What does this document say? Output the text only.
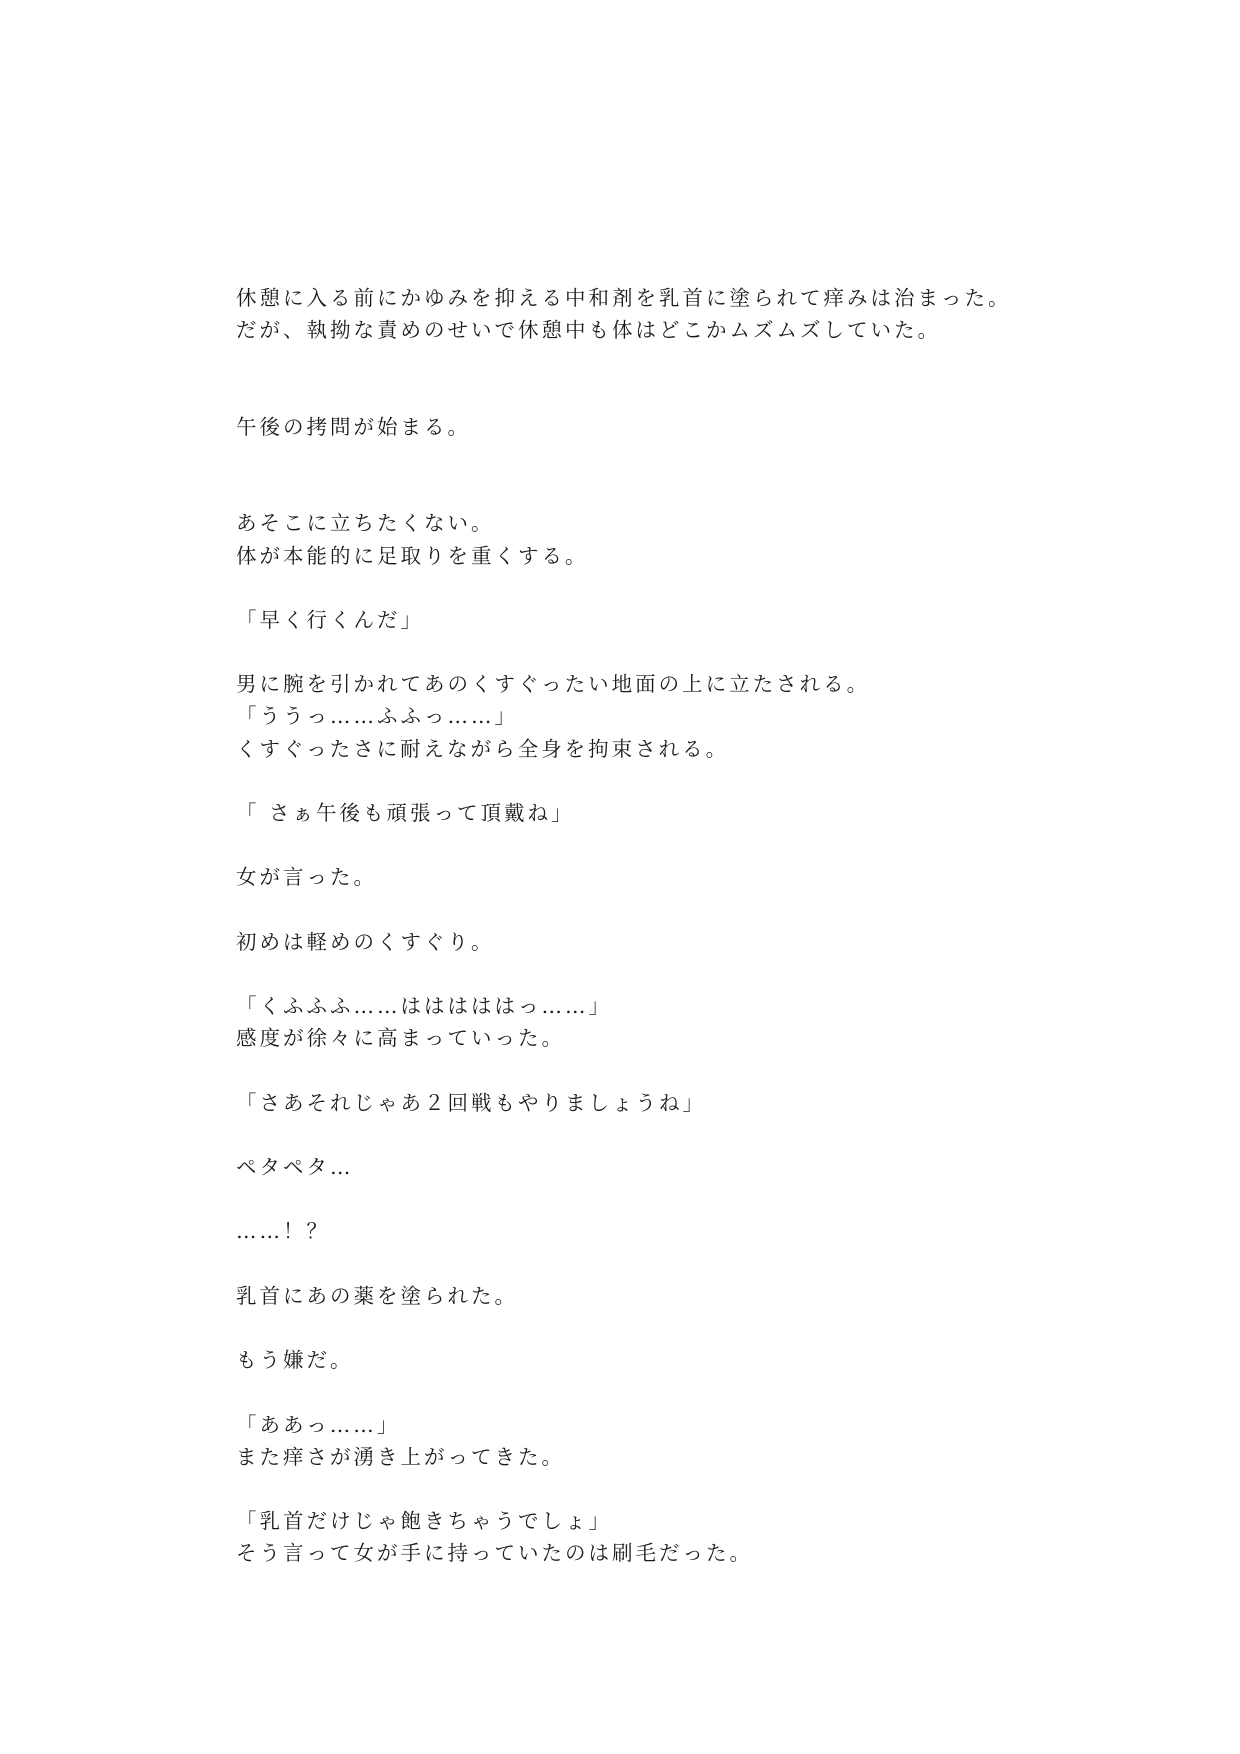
休憩に入る前にかゆみを抑える中和剤を乳首に塗られて痒みは治まった。
だが、執拗な責めのせいで休憩中も体はどこかムズムズしていた。
午後の拷問が始まる。
あそこに立ちたくない。
体が本能的に足取りを重くする。
「早く行くんだ」
男に腕を引かれてあのくすぐったい地面の上に立たされる。
「ううっ……ふふっ……」
くすぐったさに耐えながら全身を拘束される。
「 さぁ午後も頑張って頂戴ね」
女が言った。
初めは軽めのくすぐり。
「くふふふ……はははははっ……」
感度が徐々に高まっていった。
「さあそれじゃあ２回戦もやりましょうね」
ペタペタ…
……！？
乳首にあの薬を塗られた。
もう嫌だ。
「ああっ……」
また痒さが湧き上がってきた。
「乳首だけじゃ飽きちゃうでしょ」
そう言って女が手に持っていたのは刷毛だった。
